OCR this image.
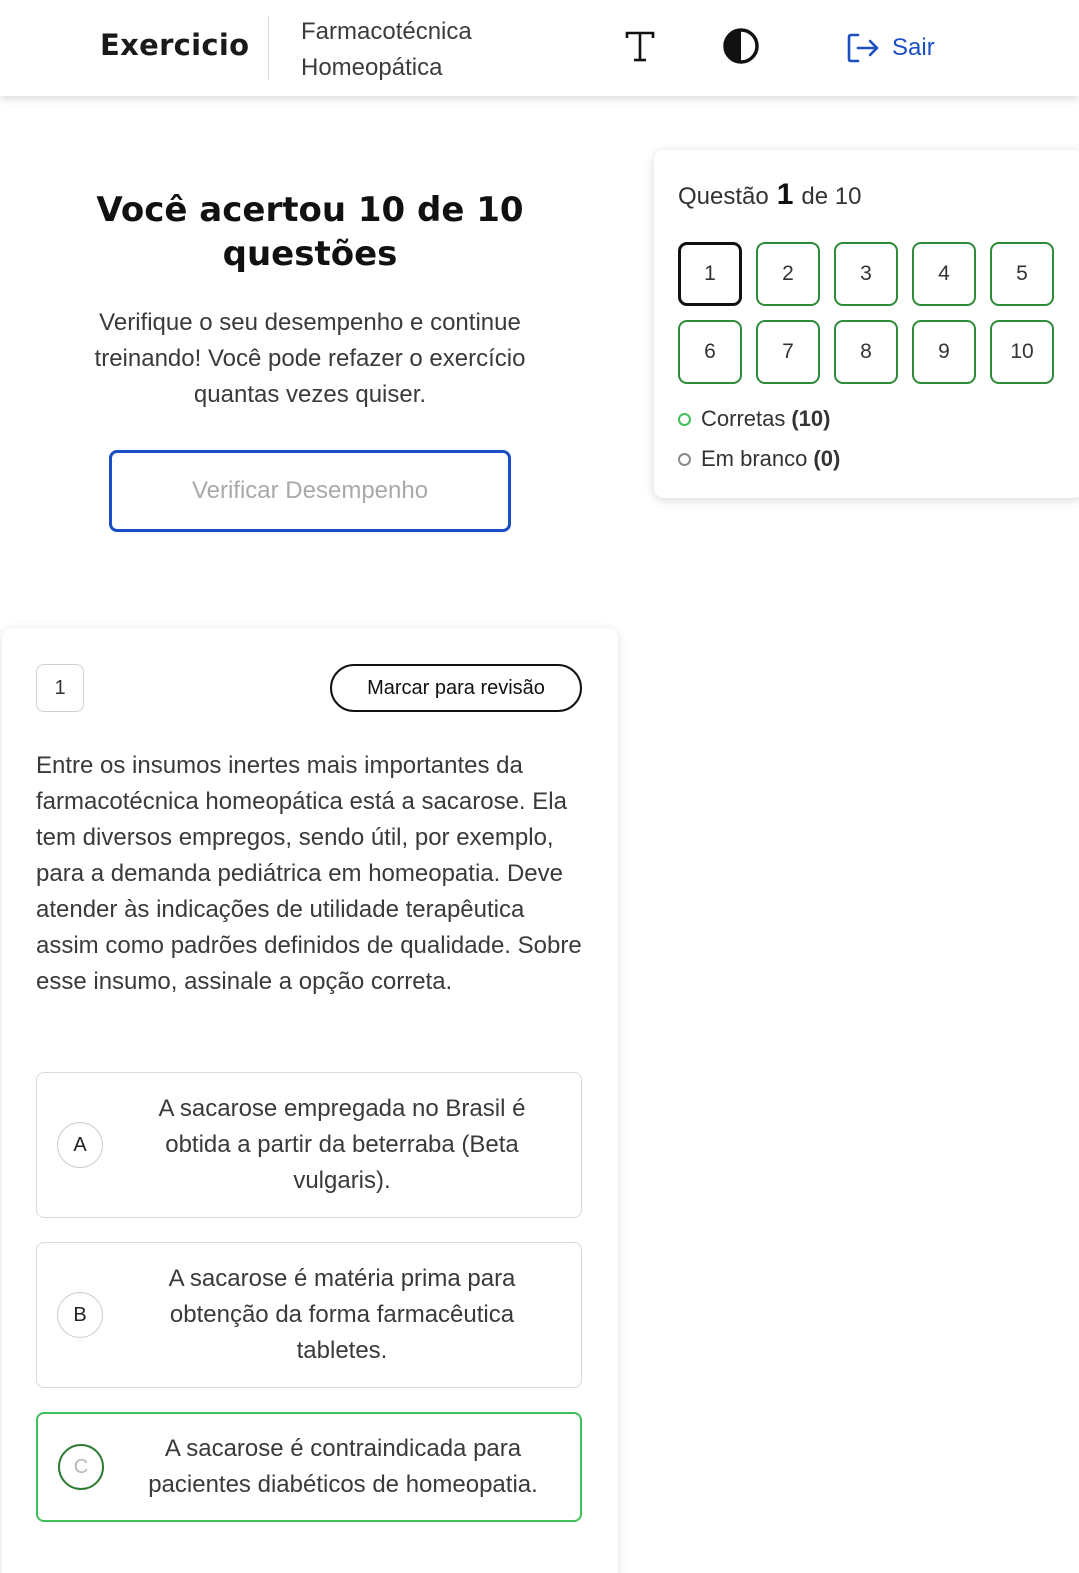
Exercicio Farmacotécnica
Homeopática
Sair
Você acertou 10 de 10 questões
Verifique o seu desempenho e continue treinando! Você pode refazer o exercício quantas vezes quiser.
Verificar Desempenho
Questão 1 de 10
1	2	3	4	5
6	7	8	9	10
Corretas (10)
Em branco (0)
1	Marcar para revisão
Entre os insumos inertes mais importantes da farmacotécnica homeopática está a sacarose. Ela tem diversos empregos, sendo útil, por exemplo, para a demanda pediátrica em homeopatia. Deve atender às indicações de utilidade terapêutica assim como padrões definidos de qualidade. Sobre esse insumo, assinale a opção correta.
A
A sacarose empregada no Brasil é obtida a partir da beterraba (Beta vulgaris).
B
A sacarose é matéria prima para obtenção da forma farmacêutica tabletes.
C
A sacarose é contraindicada para pacientes diabéticos de homeopatia.
